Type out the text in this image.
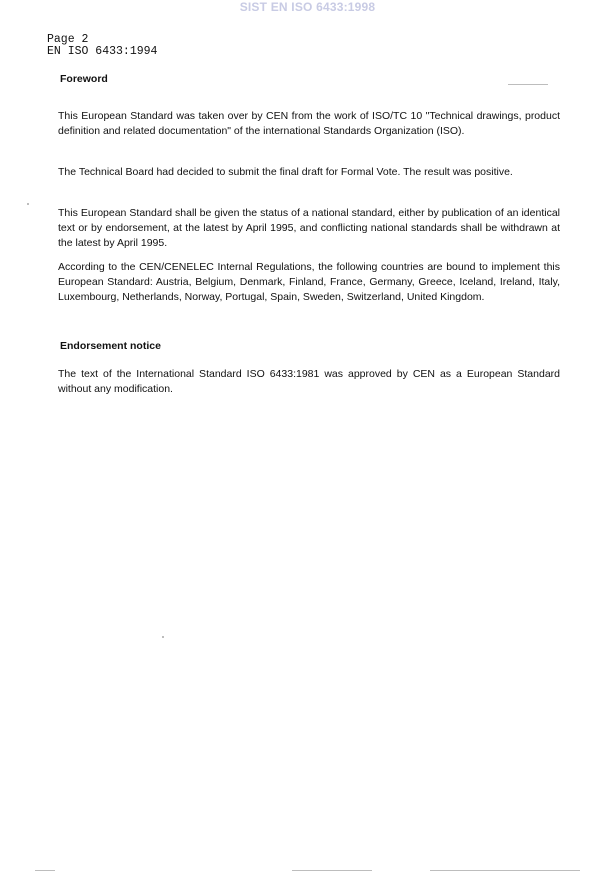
SIST EN ISO 6433:1998
Page 2
EN ISO 6433:1994
Foreword
This European Standard was taken over by CEN from the work of ISO/TC 10 "Technical drawings, product definition and related documentation" of the international Standards Organization (ISO).
The Technical Board had decided to submit the final draft for Formal Vote. The result was positive.
This European Standard shall be given the status of a national standard, either by publication of an identical text or by endorsement, at the latest by April 1995, and conflicting national standards shall be withdrawn at the latest by April 1995.
According to the CEN/CENELEC Internal Regulations, the following countries are bound to implement this European Standard: Austria, Belgium, Denmark, Finland, France, Germany, Greece, Iceland, Ireland, Italy, Luxembourg, Netherlands, Norway, Portugal, Spain, Sweden, Switzerland, United Kingdom.
Endorsement notice
The text of the International Standard ISO 6433:1981 was approved by CEN as a European Standard without any modification.
